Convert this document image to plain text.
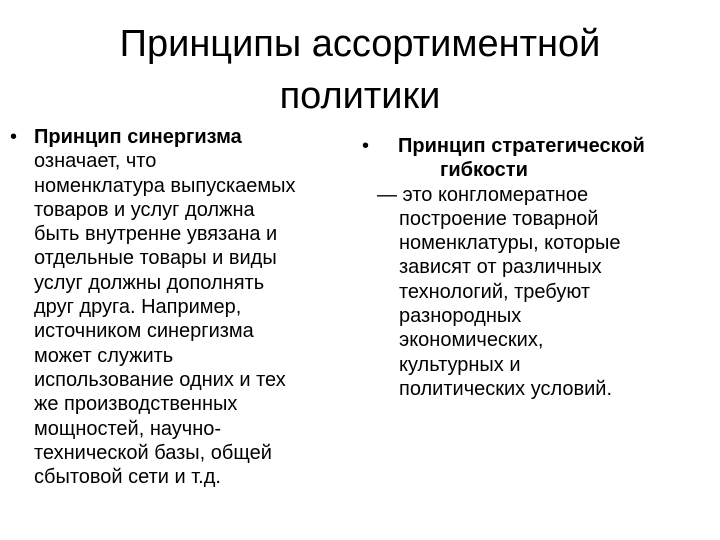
Принципы ассортиментной
политики
• Принцип синергизма
означает, что
номенклатура выпускаемых
товаров и услуг должна
быть внутренне увязана и
отдельные товары и виды
услуг должны дополнять
друг друга. Например,
источником синергизма
может служить
использование одних и тех
же производственных
мощностей, научно-
технической базы, общей
сбытовой сети и т.д.
•	Принцип стратегической
гибкости
— это конгломератное
построение товарной
номенклатуры, которые
зависят от различных
технологий, требуют
разнородных
экономических,
культурных и
политических условий.
